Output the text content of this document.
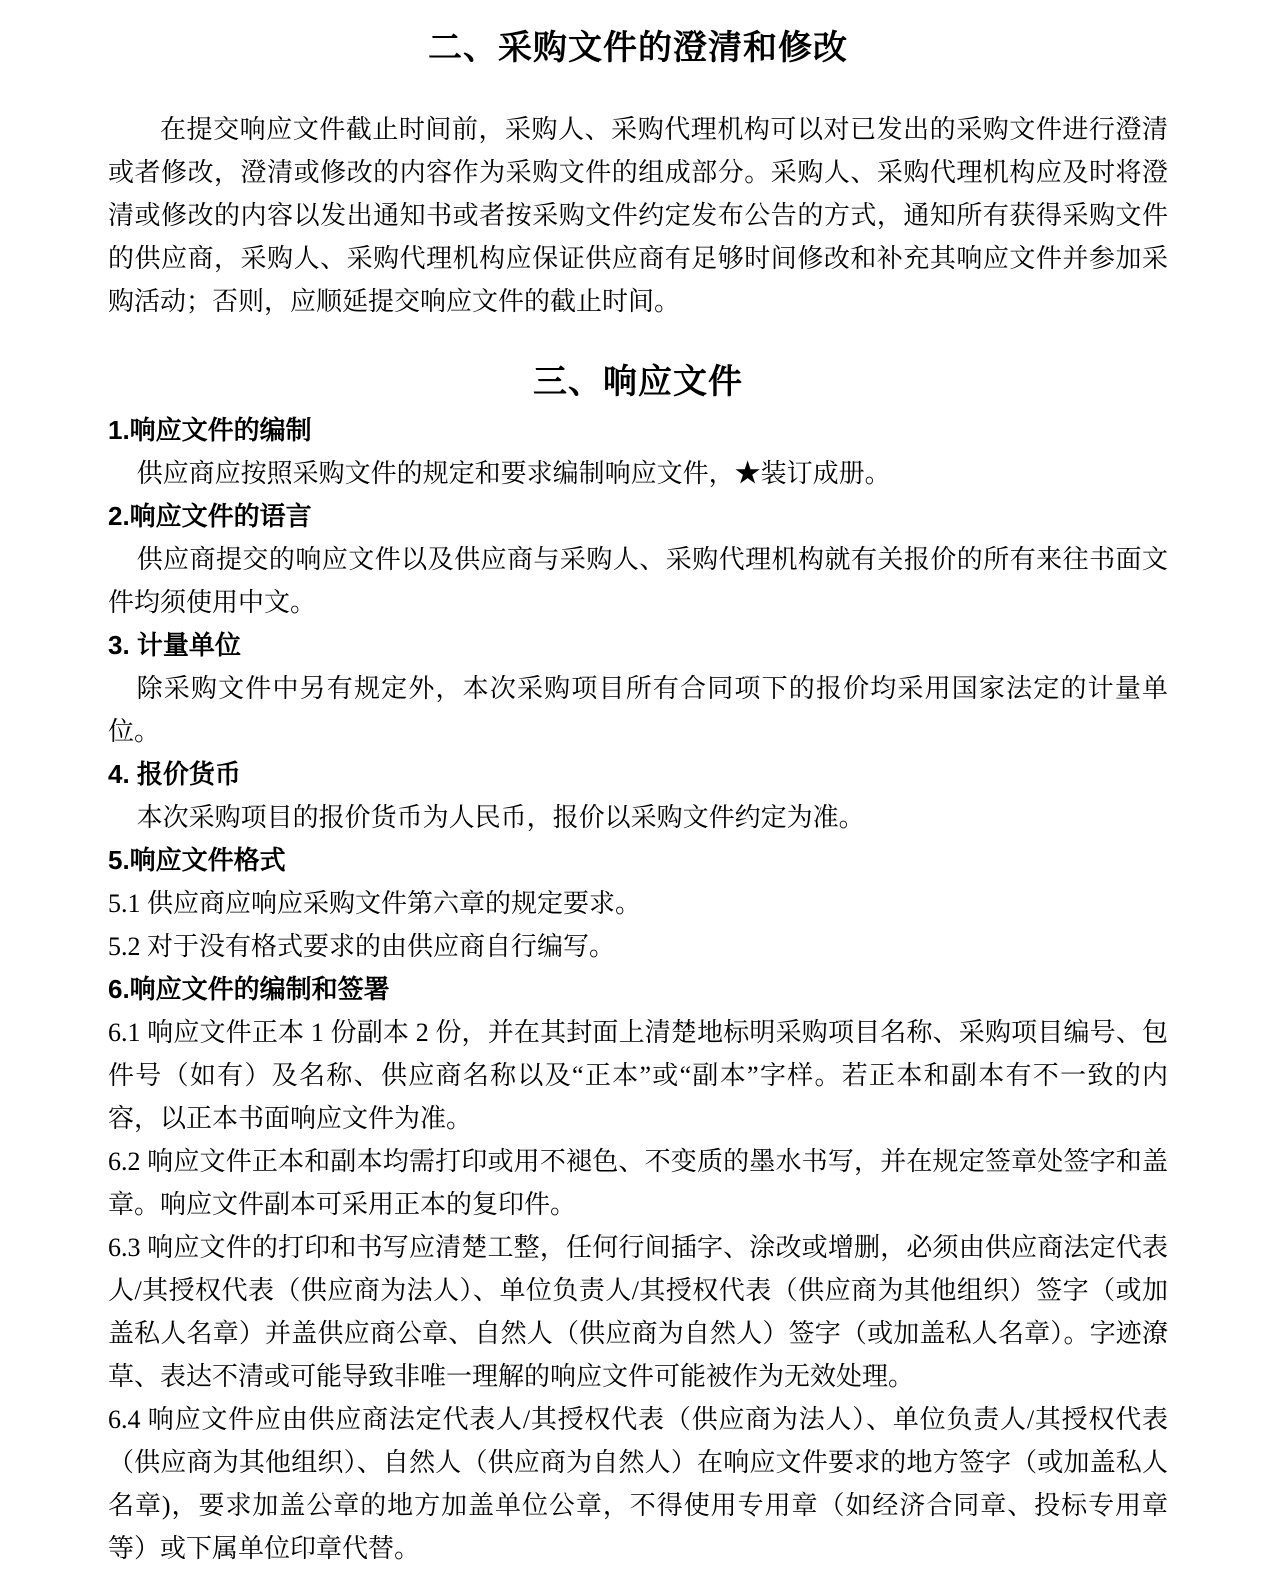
二、采购文件的澄清和修改

在提交响应文件截止时间前，采购人、采购代理机构可以对已发出的采购文件进行澄清或者修改，澄清或修改的内容作为采购文件的组成部分。采购人、采购代理机构应及时将澄清或修改的内容以发出通知书或者按采购文件约定发布公告的方式，通知所有获得采购文件的供应商，采购人、采购代理机构应保证供应商有足够时间修改和补充其响应文件并参加采购活动；否则，应顺延提交响应文件的截止时间。

三、响应文件
1.响应文件的编制

供应商应按照采购文件的规定和要求编制响应文件，★装订成册。

2.响应文件的语言

供应商提交的响应文件以及供应商与采购人、采购代理机构就有关报价的所有来往书面文件均须使用中文。

3. 计量单位

除采购文件中另有规定外，本次采购项目所有合同项下的报价均采用国家法定的计量单位。

4. 报价货币

本次采购项目的报价货币为人民币，报价以采购文件约定为准。

5.响应文件格式

5.1 供应商应响应采购文件第六章的规定要求。

5.2 对于没有格式要求的由供应商自行编写。

6.响应文件的编制和签署

6.1 响应文件正本 1 份副本 2 份，并在其封面上清楚地标明采购项目名称、采购项目编号、包件号（如有）及名称、供应商名称以及“正本”或“副本”字样。若正本和副本有不一致的内容，以正本书面响应文件为准。

6.2 响应文件正本和副本均需打印或用不褪色、不变质的墨水书写，并在规定签章处签字和盖章。响应文件副本可采用正本的复印件。

6.3 响应文件的打印和书写应清楚工整，任何行间插字、涂改或增删，必须由供应商法定代表人/其授权代表（供应商为法人）、单位负责人/其授权代表（供应商为其他组织）签字（或加盖私人名章）并盖供应商公章、自然人（供应商为自然人）签字（或加盖私人名章）。字迹潦草、表达不清或可能导致非唯一理解的响应文件可能被作为无效处理。

6.4 响应文件应由供应商法定代表人/其授权代表（供应商为法人）、单位负责人/其授权代表（供应商为其他组织）、自然人（供应商为自然人）在响应文件要求的地方签字（或加盖私人名章)，要求加盖公章的地方加盖单位公章，不得使用专用章（如经济合同章、投标专用章等）或下属单位印章代替。
